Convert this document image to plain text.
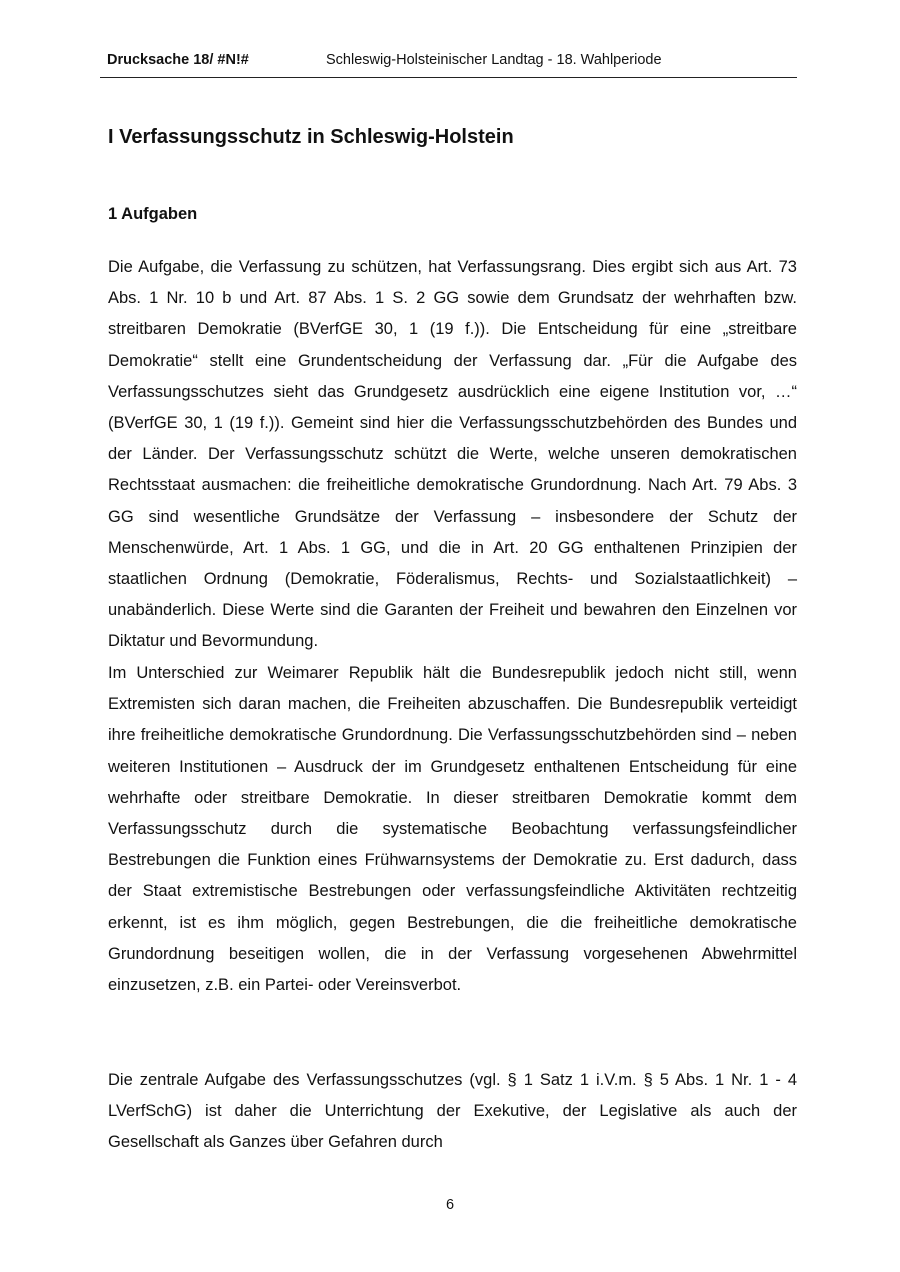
Drucksache 18/ #N!#	Schleswig-Holsteinischer Landtag - 18. Wahlperiode
I Verfassungsschutz in Schleswig-Holstein
1 Aufgaben

Die Aufgabe, die Verfassung zu schützen, hat Verfassungsrang. Dies ergibt sich aus Art. 73 Abs. 1 Nr. 10 b und Art. 87 Abs. 1 S. 2 GG sowie dem Grundsatz der wehrhaften bzw. streitbaren Demokratie (BVerfGE 30, 1 (19 f.)). Die Entscheidung für eine „streitbare Demokratie“ stellt eine Grundentscheidung der Verfassung dar. „Für die Aufgabe des Verfassungsschutzes sieht das Grundgesetz ausdrücklich eine eigene Institution vor, …“ (BVerfGE 30, 1 (19 f.)). Gemeint sind hier die Verfassungsschutzbehörden des Bundes und der Länder. Der Verfassungsschutz schützt die Werte, welche unseren demokratischen Rechtsstaat ausmachen: die freiheitliche demokratische Grundordnung. Nach Art. 79 Abs. 3 GG sind wesentliche Grundsätze der Verfassung – insbesondere der Schutz der Menschenwürde, Art. 1 Abs. 1 GG, und die in Art. 20 GG enthaltenen Prinzipien der staatlichen Ordnung (Demokratie, Föderalismus, Rechts- und Sozialstaatlichkeit) – unabänderlich. Diese Werte sind die Garanten der Freiheit und bewahren den Einzelnen vor Diktatur und Bevormundung.

Im Unterschied zur Weimarer Republik hält die Bundesrepublik jedoch nicht still, wenn Extremisten sich daran machen, die Freiheiten abzuschaffen. Die Bundesrepublik verteidigt ihre freiheitliche demokratische Grundordnung. Die Verfassungsschutzbehörden sind – neben weiteren Institutionen – Ausdruck der im Grundgesetz enthaltenen Entscheidung für eine wehrhafte oder streitbare Demokratie. In dieser streitbaren Demokratie kommt dem Verfassungsschutz durch die systematische Beobachtung verfassungsfeindlicher Bestrebungen die Funktion eines Frühwarnsystems der Demokratie zu. Erst dadurch, dass der Staat extremistische Bestrebungen oder verfassungsfeindliche Aktivitäten rechtzeitig erkennt, ist es ihm möglich, gegen Bestrebungen, die die freiheitliche demokratische Grundordnung beseitigen wollen, die in der Verfassung vorgesehenen Abwehrmittel einzusetzen, z.B. ein Partei- oder Vereinsverbot.

Die zentrale Aufgabe des Verfassungsschutzes (vgl. § 1 Satz 1 i.V.m. § 5 Abs. 1 Nr. 1 - 4 LVerfSchG) ist daher die Unterrichtung der Exekutive, der Legislative als auch der Gesellschaft als Ganzes über Gefahren durch

6
